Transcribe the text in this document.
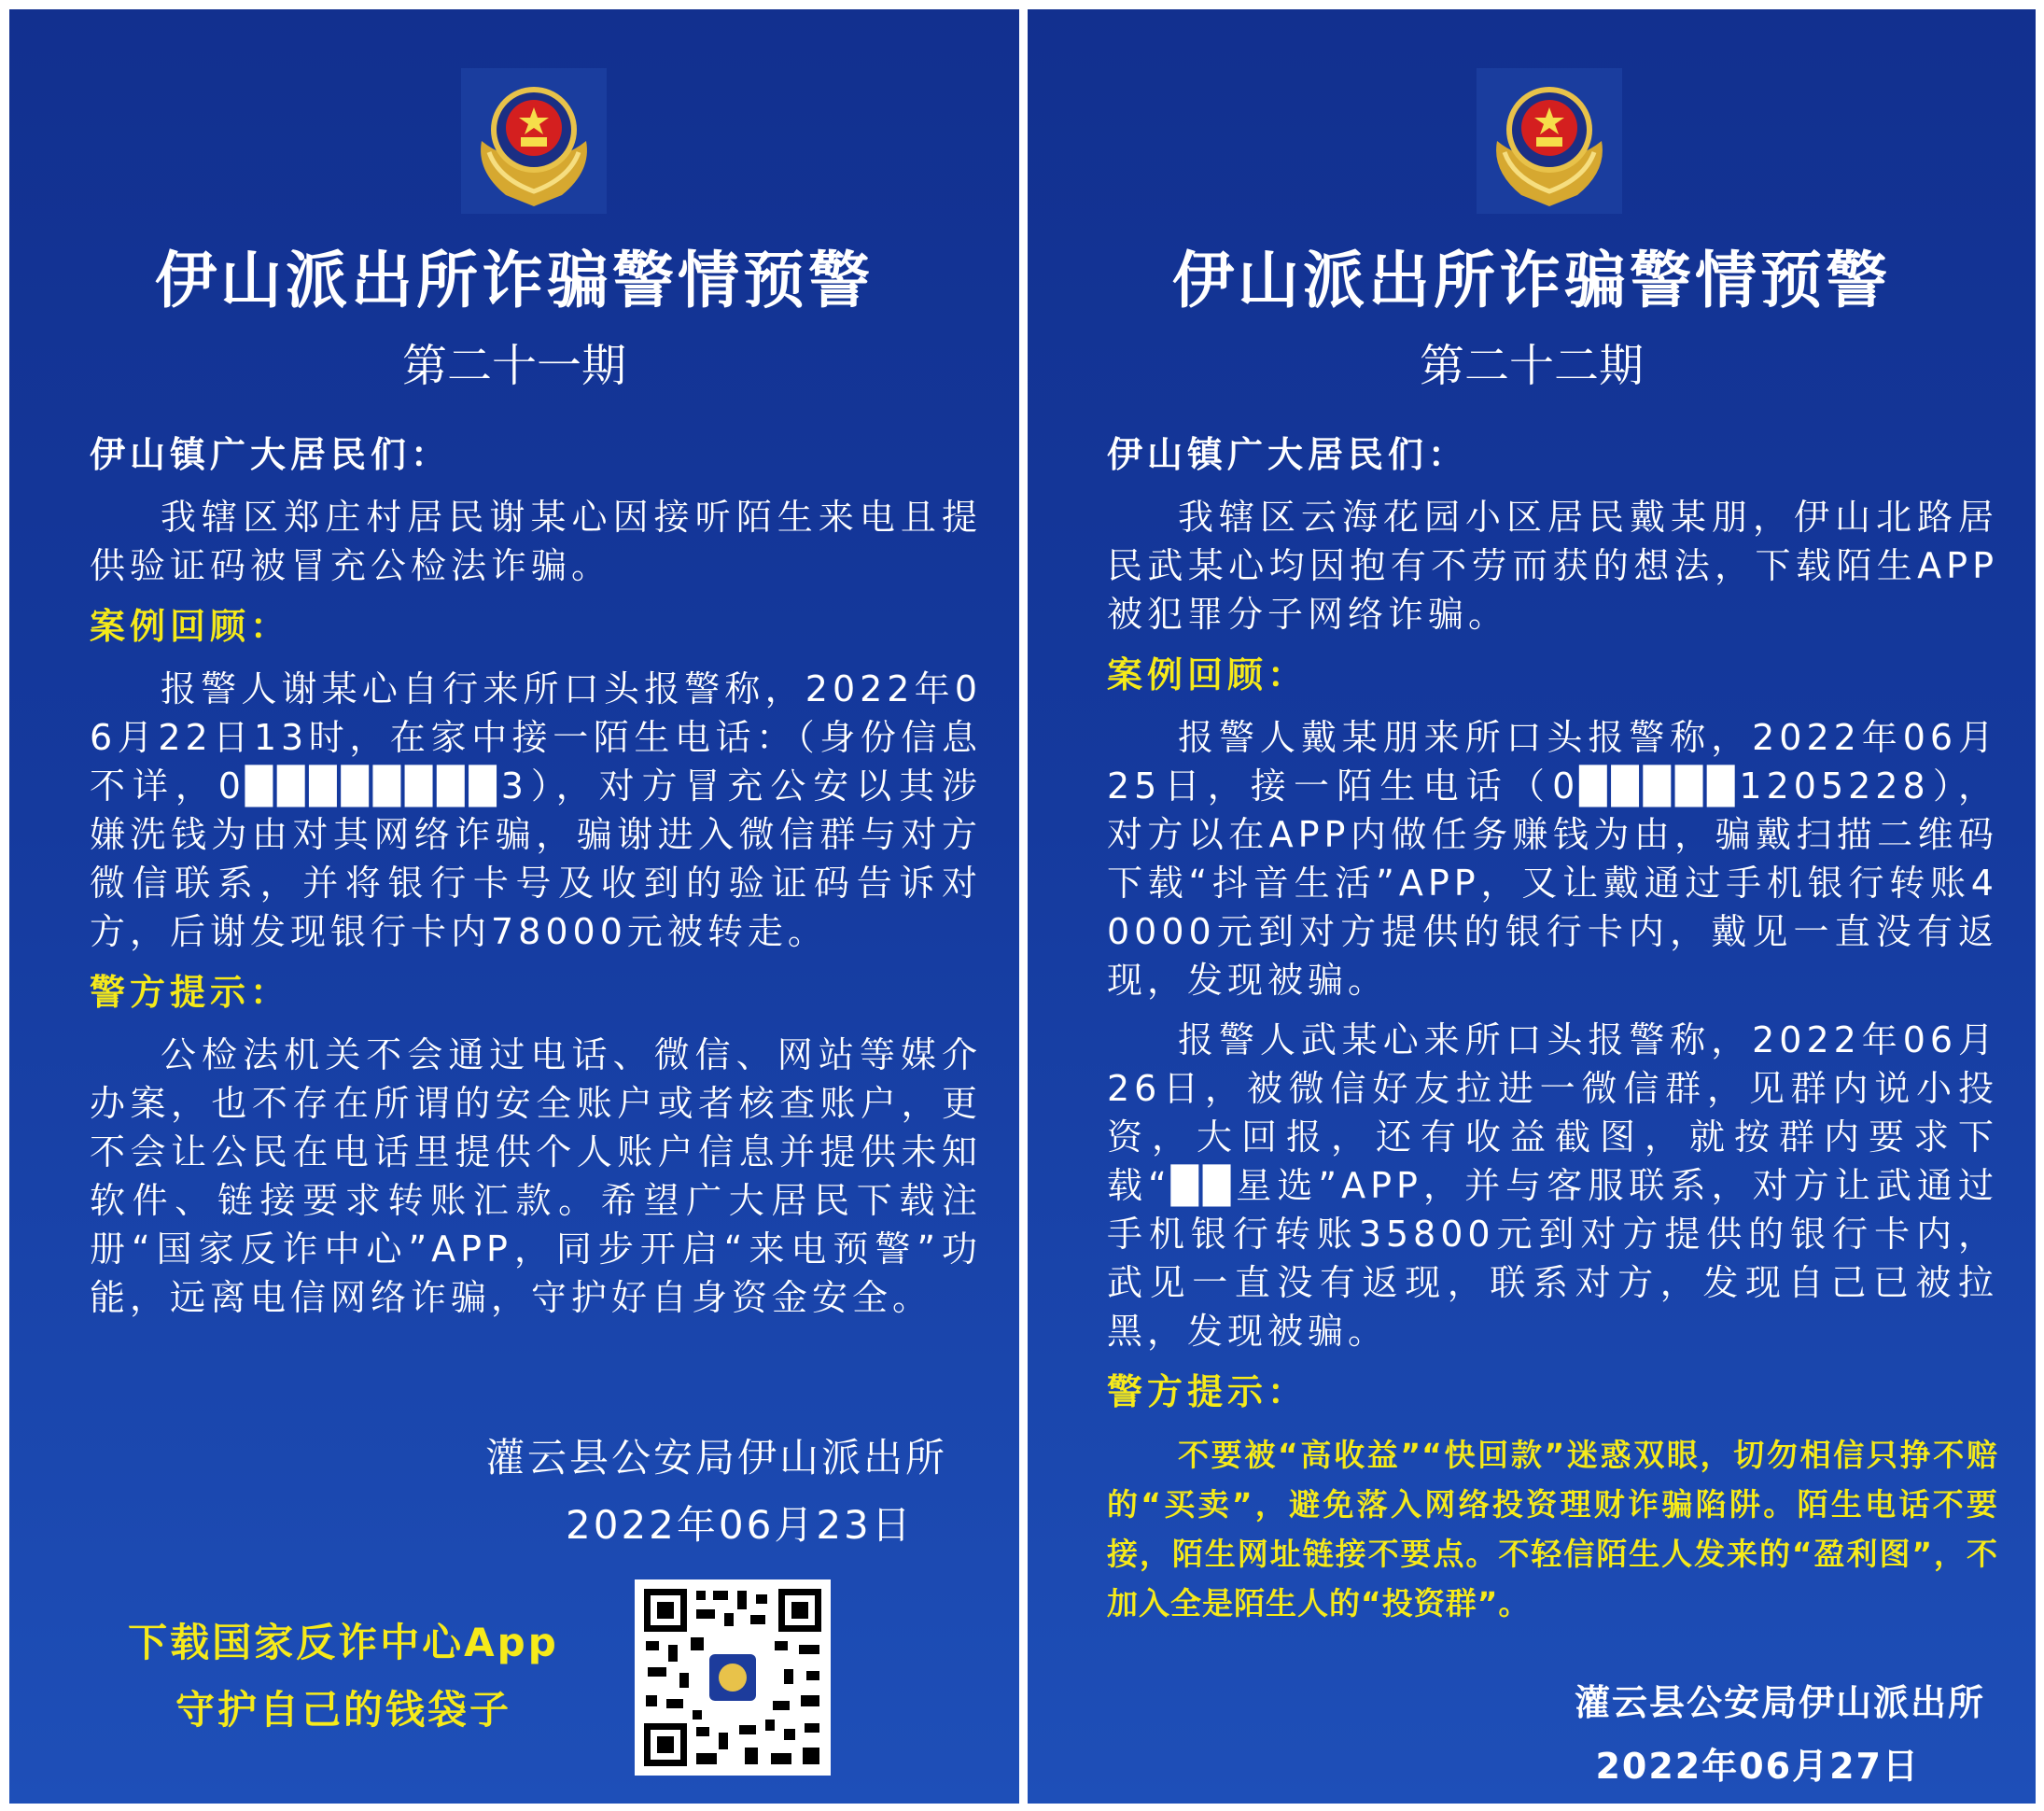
伊山派出所诈骗警情预警
第二十一期

伊山镇广大居民们：

我辖区郑庄村居民谢某心因接听陌生来电且提供验证码被冒充公检法诈骗。

案例回顾：

报警人谢某心自行来所口头报警称，2022年06月22日13时，在家中接一陌生电话：（身份信息不详，0████████3），对方冒充公安以其涉嫌洗钱为由对其网络诈骗，骗谢进入微信群与对方微信联系，并将银行卡号及收到的验证码告诉对方，后谢发现银行卡内78000元被转走。

警方提示：

公检法机关不会通过电话、微信、网站等媒介办案，也不存在所谓的安全账户或者核查账户，更不会让公民在电话里提供个人账户信息并提供未知软件、链接要求转账汇款。希望广大居民下载注册“国家反诈中心”APP，同步开启“来电预警”功能，远离电信网络诈骗，守护好自身资金安全。

灌云县公安局伊山派出所
2022年06月23日
下载国家反诈中心App
守护自己的钱袋子
伊山派出所诈骗警情预警
第二十二期

伊山镇广大居民们：

我辖区云海花园小区居民戴某朋，伊山北路居民武某心均因抱有不劳而获的想法，下载陌生APP被犯罪分子网络诈骗。

案例回顾：

报警人戴某朋来所口头报警称，2022年06月25日，接一陌生电话（0█████1205228），对方以在APP内做任务赚钱为由，骗戴扫描二维码下载“抖音生活”APP，又让戴通过手机银行转账40000元到对方提供的银行卡内，戴见一直没有返现，发现被骗。

报警人武某心来所口头报警称，2022年06月26日，被微信好友拉进一微信群，见群内说小投资，大回报，还有收益截图，就按群内要求下载“██星选”APP，并与客服联系，对方让武通过手机银行转账35800元到对方提供的银行卡内，武见一直没有返现，联系对方，发现自己已被拉黑，发现被骗。

警方提示：

不要被“高收益”“快回款”迷惑双眼，切勿相信只挣不赔的“买卖”，避免落入网络投资理财诈骗陷阱。陌生电话不要接，陌生网址链接不要点。不轻信陌生人发来的“盈利图”，不加入全是陌生人的“投资群”。

灌云县公安局伊山派出所
2022年06月27日
